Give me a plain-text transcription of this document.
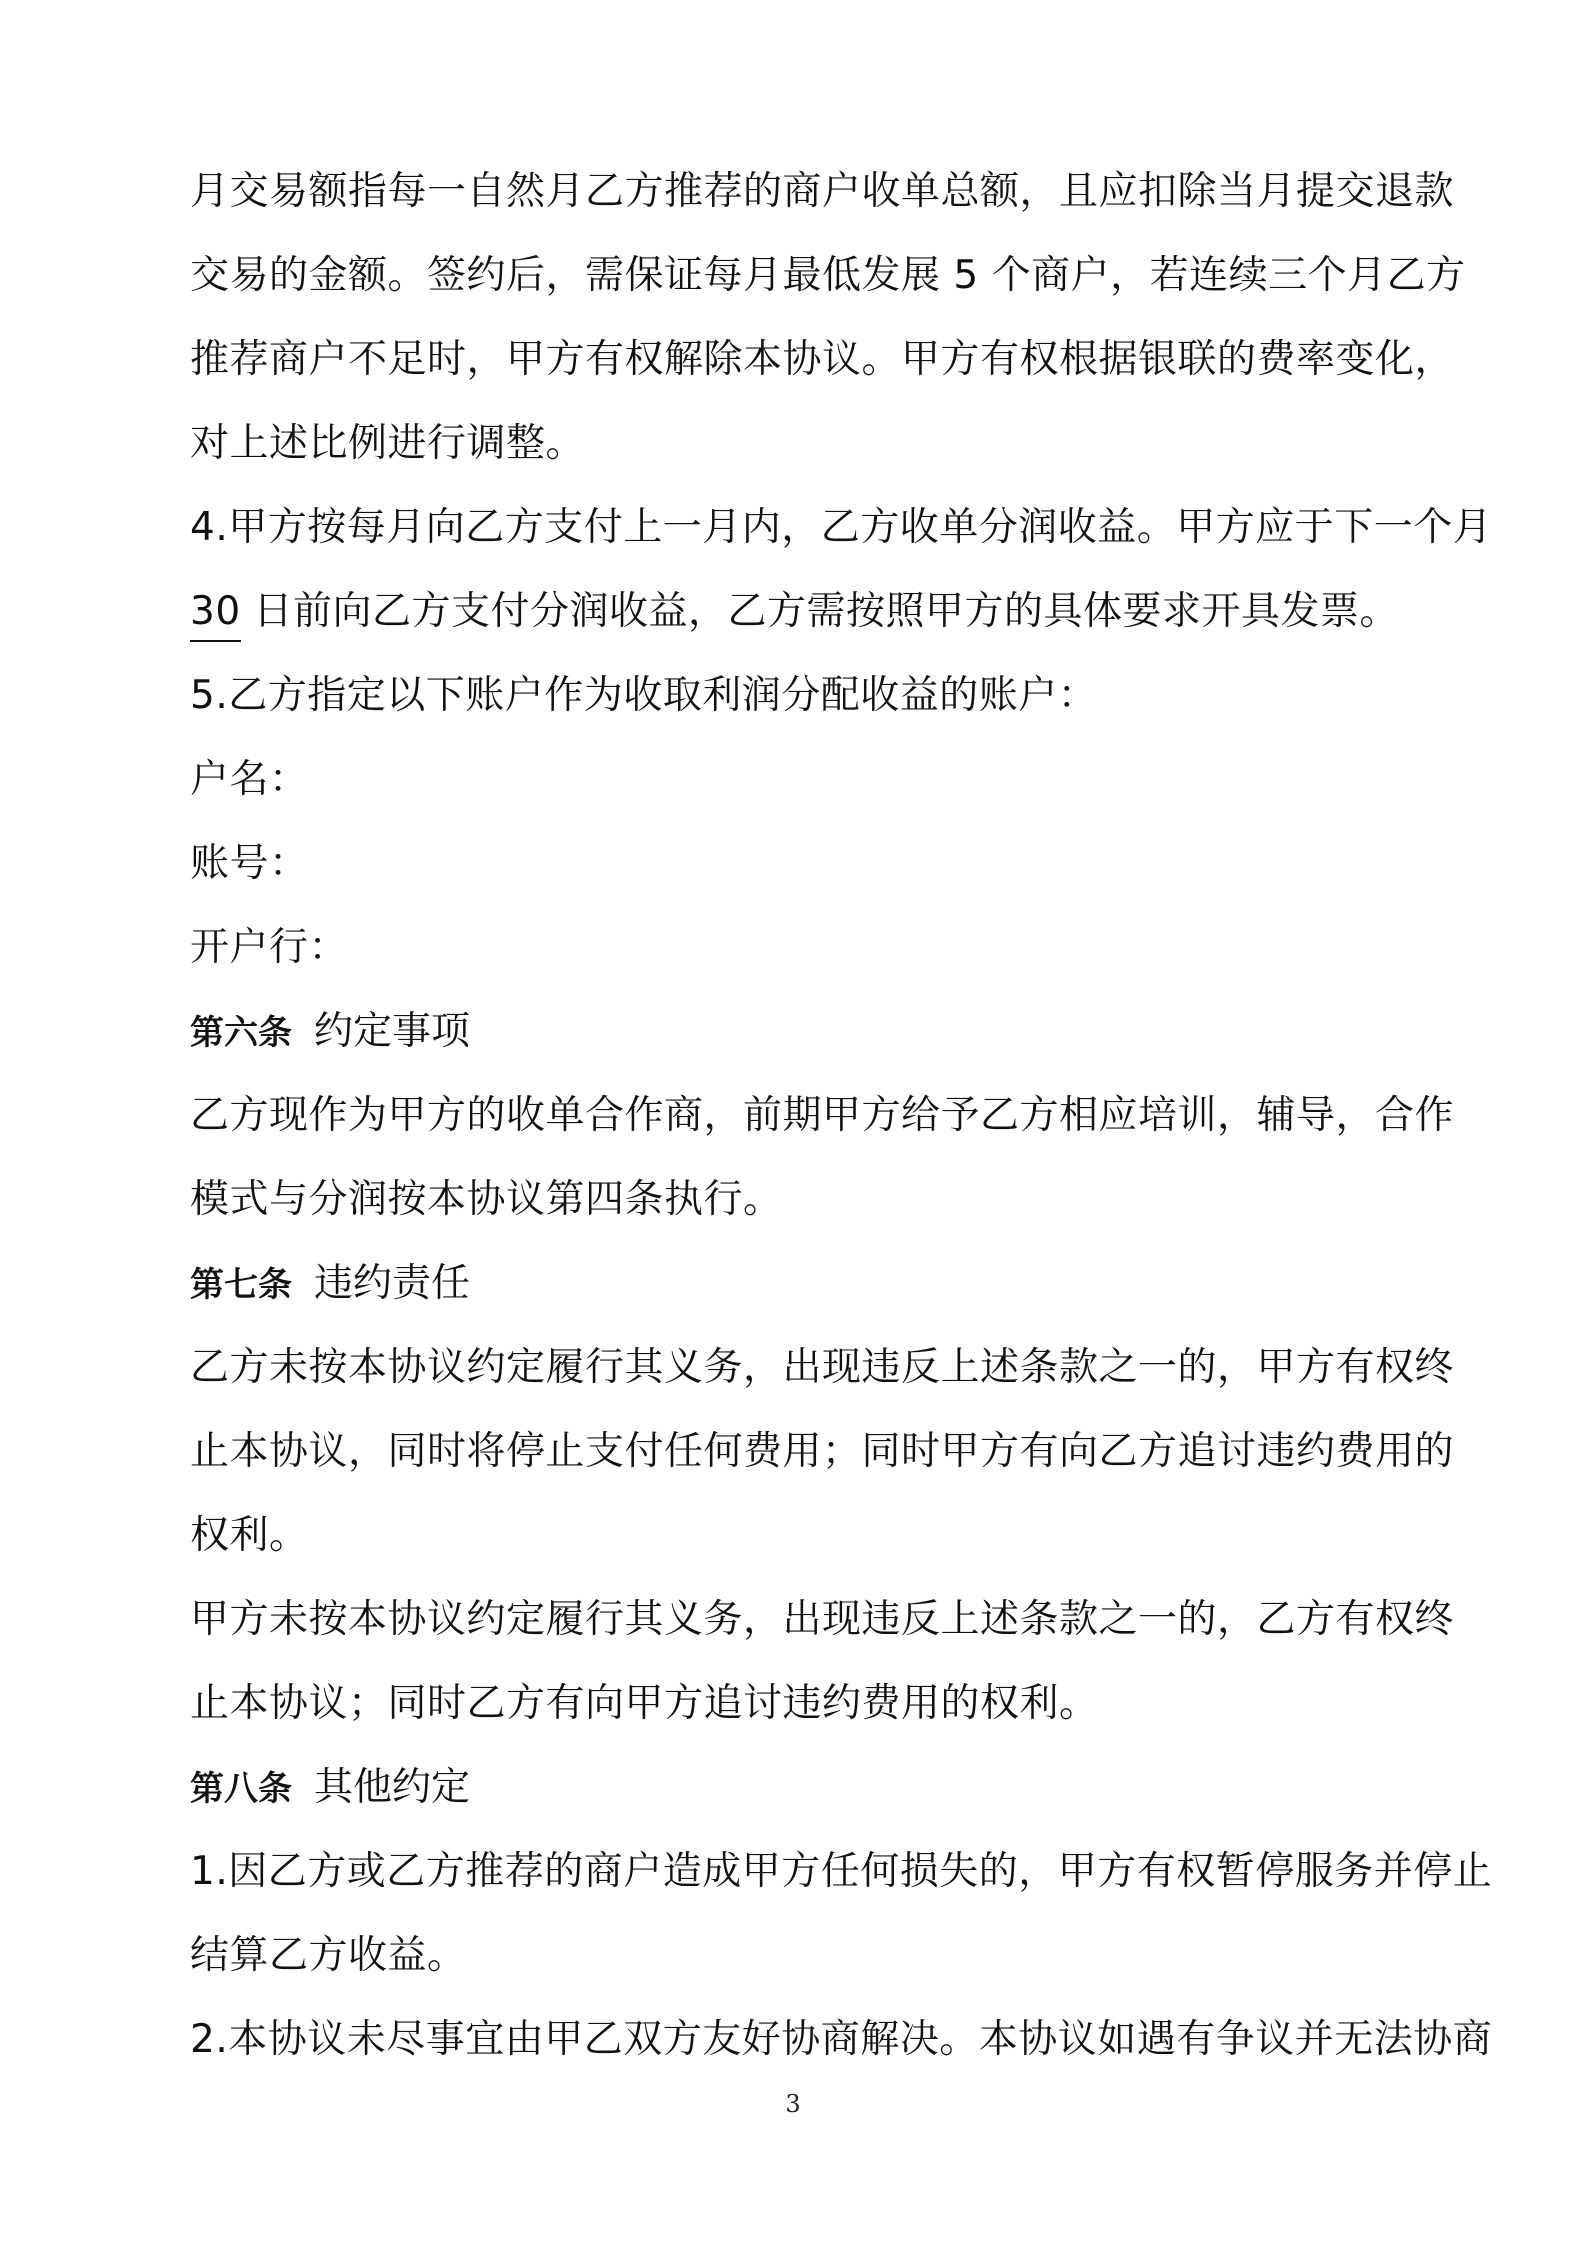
月交易额指每一自然月乙方推荐的商户收单总额，且应扣除当月提交退款
交易的金额。签约后，需保证每月最低发展 5 个商户，若连续三个月乙方
推荐商户不足时，甲方有权解除本协议。甲方有权根据银联的费率变化，
对上述比例进行调整。
4.甲方按每月向乙方支付上一月内，乙方收单分润收益。甲方应于下一个月
30 日前向乙方支付分润收益，乙方需按照甲方的具体要求开具发票。
5.乙方指定以下账户作为收取利润分配收益的账户：
户名：
账号：
开户行：
第六条 约定事项
乙方现作为甲方的收单合作商，前期甲方给予乙方相应培训，辅导，合作
模式与分润按本协议第四条执行。
第七条 违约责任
乙方未按本协议约定履行其义务，出现违反上述条款之一的，甲方有权终
止本协议，同时将停止支付任何费用；同时甲方有向乙方追讨违约费用的
权利。
甲方未按本协议约定履行其义务，出现违反上述条款之一的，乙方有权终
止本协议；同时乙方有向甲方追讨违约费用的权利。
第八条 其他约定
1.因乙方或乙方推荐的商户造成甲方任何损失的，甲方有权暂停服务并停止
结算乙方收益。
2.本协议未尽事宜由甲乙双方友好协商解决。本协议如遇有争议并无法协商
3
